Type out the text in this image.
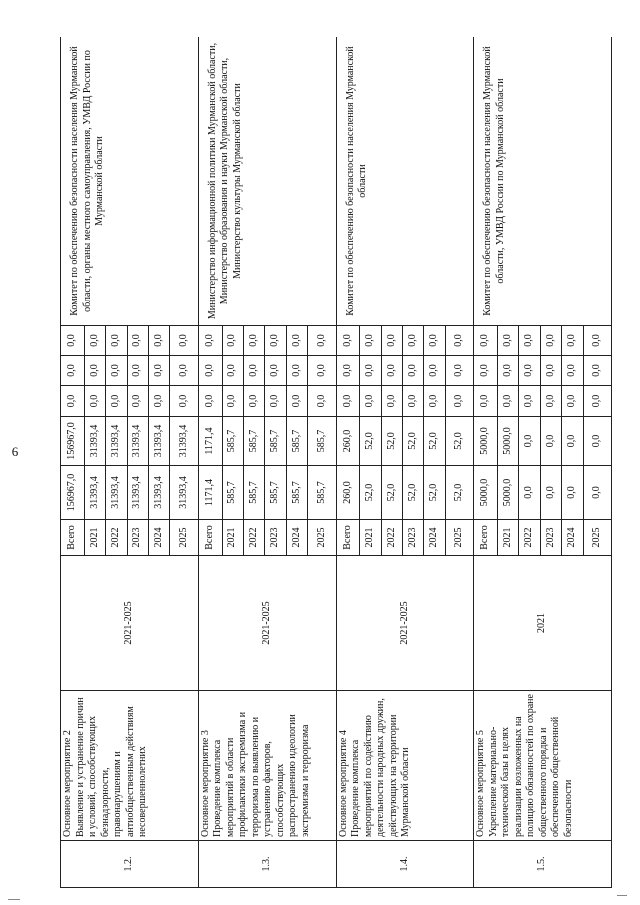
6
1.2.	Основное мероприятие 2 Выявление и устранение причин и условий, способствующих безнадзорности, правонарушениям и антиобщественным действиям несовершеннолетних	2021-2025	Всего	156967,0	156967,0	0,0	0,0	0,0	Комитет по обеспечению безопасности населения Мурманской области, органы местного самоуправления, УМВД России по Мурманской области
			2021	31393,4	31393,4	0,0	0,0	0,0	
			2022	31393,4	31393,4	0,0	0,0	0,0	
			2023	31393,4	31393,4	0,0	0,0	0,0	
			2024	31393,4	31393,4	0,0	0,0	0,0	
			2025	31393,4	31393,4	0,0	0,0	0,0	
1.3.	Основное мероприятие 3 Проведение комплекса мероприятий в области профилактики экстремизма и терроризма по выявлению и устранению факторов, способствующих распространению идеологии экстремизма и терроризма	2021-2025	Всего	1171,4	1171,4	0,0	0,0	0,0	Министерство информационной политики Мурманской области, Министерство образования и науки Мурманской области, Министерство культуры Мурманской области
			2021	585,7	585,7	0,0	0,0	0,0	
			2022	585,7	585,7	0,0	0,0	0,0	
			2023	585,7	585,7	0,0	0,0	0,0	
			2024	585,7	585,7	0,0	0,0	0,0	
			2025	585,7	585,7	0,0	0,0	0,0	
1.4.	Основное мероприятие 4 Проведение комплекса мероприятий по содействию деятельности народных дружин, действующих на территории Мурманской области	2021-2025	Всего	260,0	260,0	0,0	0,0	0,0	Комитет по обеспечению безопасности населения Мурманской области
			2021	52,0	52,0	0,0	0,0	0,0	
			2022	52,0	52,0	0,0	0,0	0,0	
			2023	52,0	52,0	0,0	0,0	0,0	
			2024	52,0	52,0	0,0	0,0	0,0	
			2025	52,0	52,0	0,0	0,0	0,0	
1.5.	Основное мероприятие 5 Укрепление материально-технической базы в целях реализации возложенных на полицию обязанностей по охране общественного порядка и обеспечению общественной безопасности	2021	Всего	5000,0	5000,0	0,0	0,0	0,0	Комитет по обеспечению безопасности населения Мурманской области, УМВД России по Мурманской области
			2021	5000,0	5000,0	0,0	0,0	0,0	
			2022	0,0	0,0	0,0	0,0	0,0	
			2023	0,0	0,0	0,0	0,0	0,0	
			2024	0,0	0,0	0,0	0,0	0,0	
			2025	0,0	0,0	0,0	0,0	0,0	
